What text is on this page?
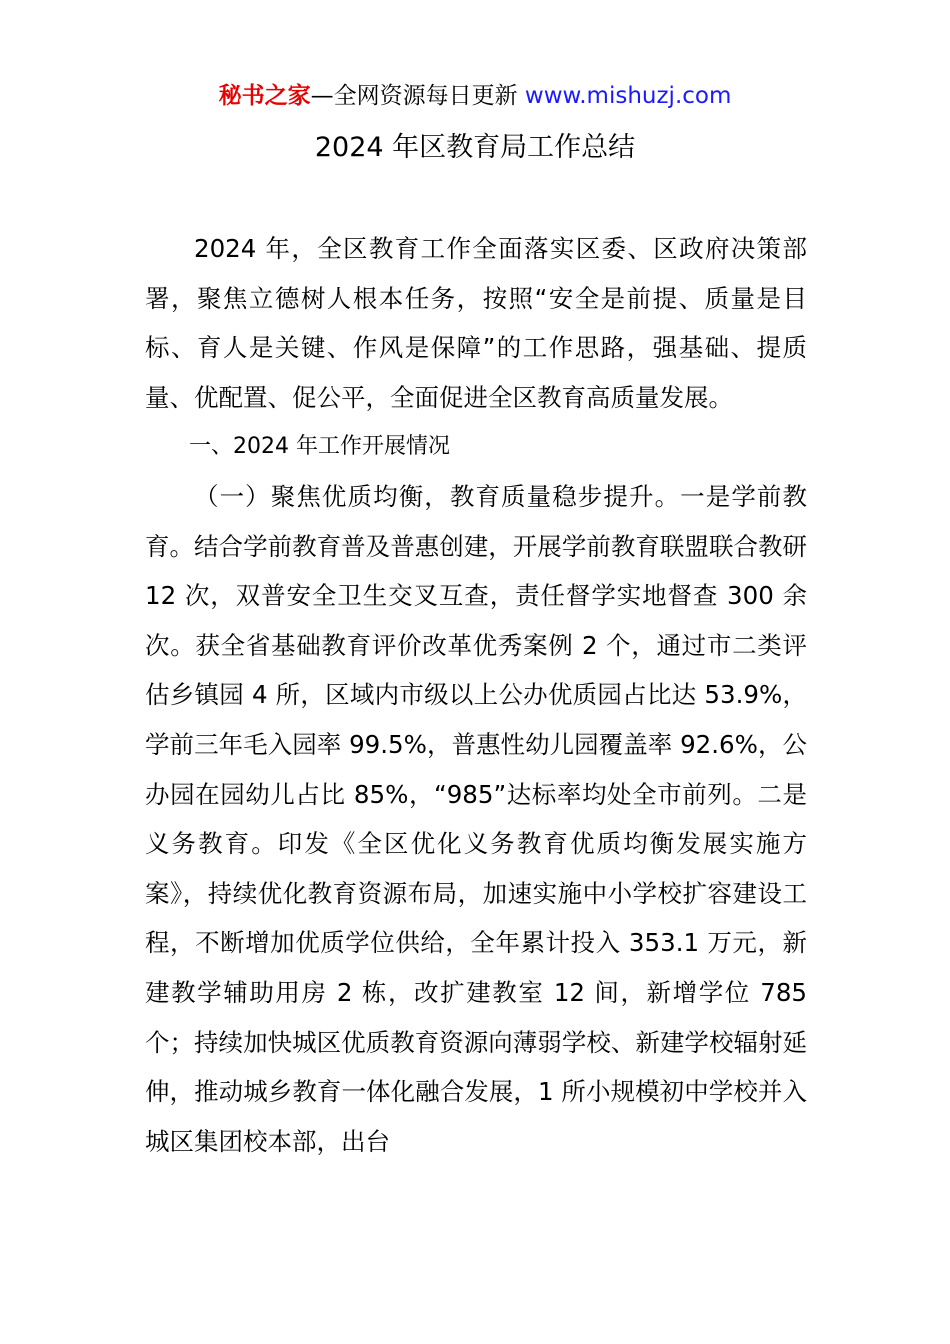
秘书之家—全网资源每日更新 www.mishuzj.com
2024 年区教育局工作总结

2024 年，全区教育工作全面落实区委、区政府决策部署，聚焦立德树人根本任务，按照“安全是前提、质量是目标、育人是关键、作风是保障”的工作思路，强基础、提质量、优配置、促公平，全面促进全区教育高质量发展。

一、2024 年工作开展情况

（一）聚焦优质均衡，教育质量稳步提升。一是学前教育。结合学前教育普及普惠创建，开展学前教育联盟联合教研 12 次，双普安全卫生交叉互查，责任督学实地督查 300 余次。获全省基础教育评价改革优秀案例 2 个，通过市二类评估乡镇园 4 所，区域内市级以上公办优质园占比达 53.9%，学前三年毛入园率 99.5%，普惠性幼儿园覆盖率 92.6%，公办园在园幼儿占比 85%，“985”达标率均处全市前列。二是义务教育。印发《全区优化义务教育优质均衡发展实施方案》，持续优化教育资源布局，加速实施中小学校扩容建设工程，不断增加优质学位供给，全年累计投入 353.1 万元，新建教学辅助用房 2 栋，改扩建教室 12 间，新增学位 785 个；持续加快城区优质教育资源向薄弱学校、新建学校辐射延伸，推动城乡教育一体化融合发展，1 所小规模初中学校并入城区集团校本部，出台
